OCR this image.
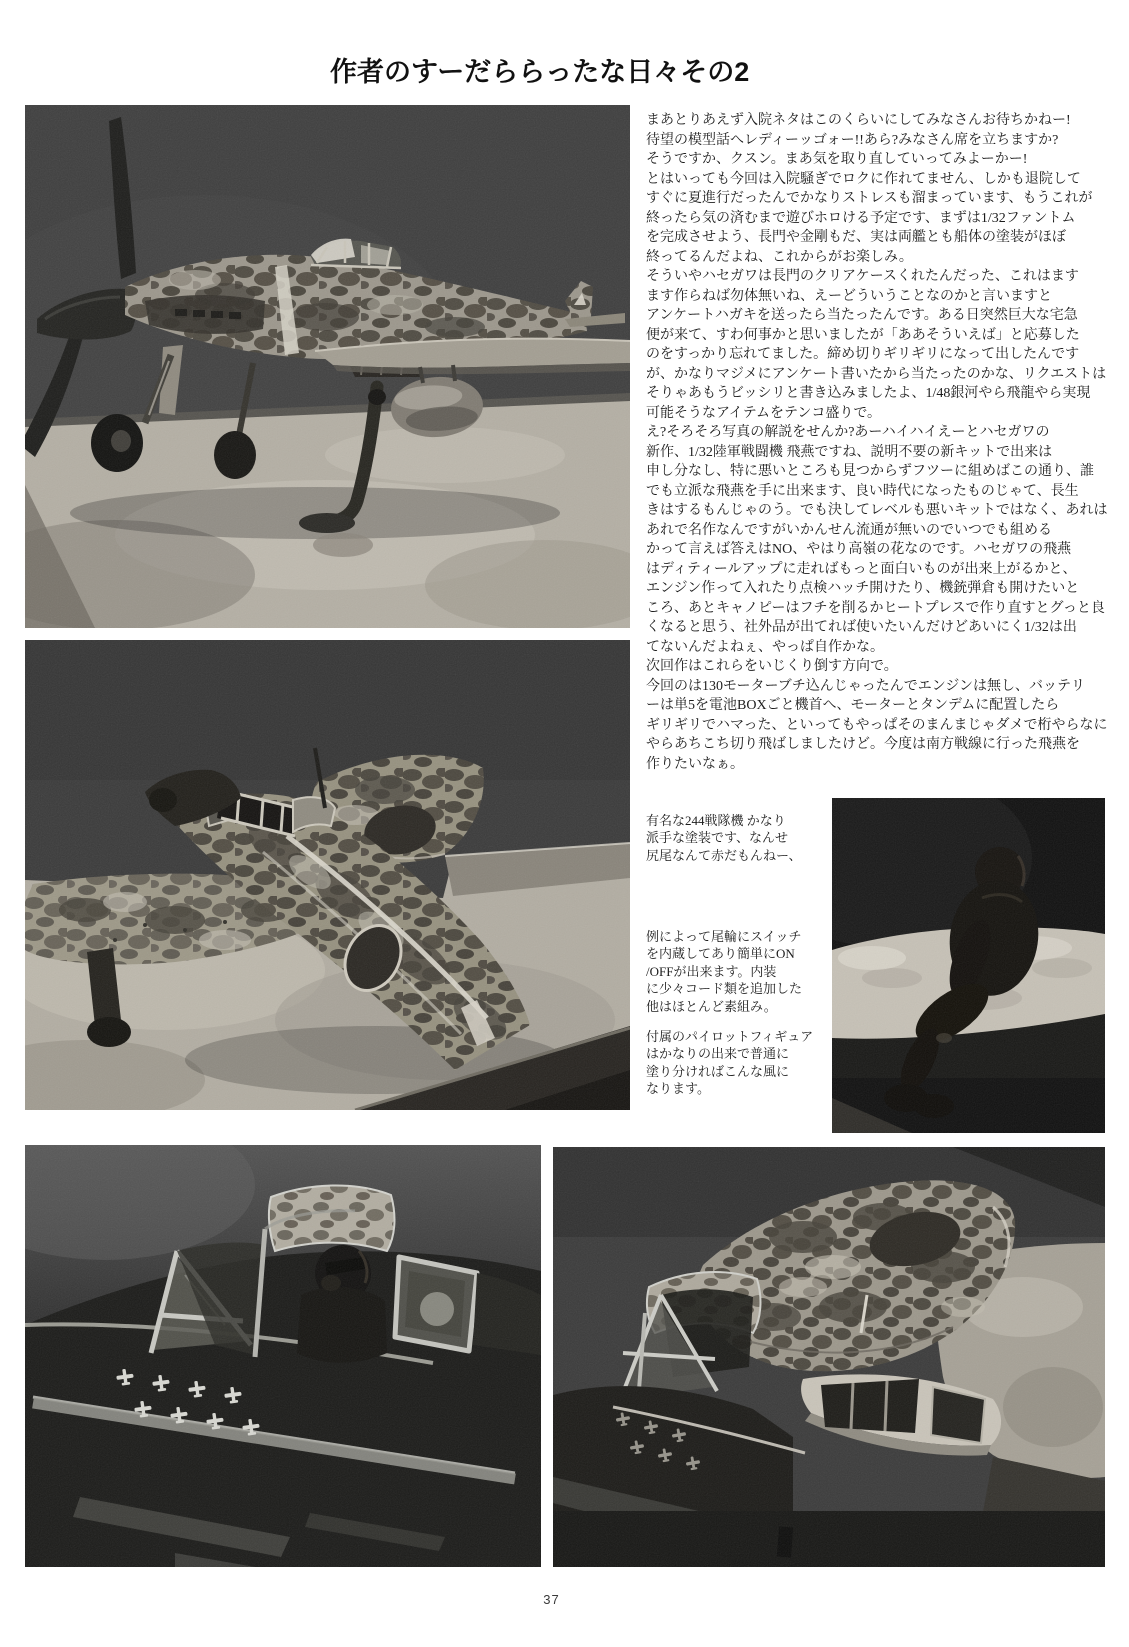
作者のすーだららったな日々その2
まあとりあえず入院ネタはこのくらいにしてみなさんお待ちかねー!
待望の模型話へレディーッゴォー!!あら?みなさん席を立ちますか?
そうですか、クスン。まあ気を取り直していってみよーかー!
とはいっても今回は入院騒ぎでロクに作れてません、しかも退院して
すぐに夏進行だったんでかなりストレスも溜まっています、もうこれが
終ったら気の済むまで遊びホロける予定です、まずは1/32ファントム
を完成させよう、長門や金剛もだ、実は両艦とも船体の塗装がほぼ
終ってるんだよね、これからがお楽しみ。
そういやハセガワは長門のクリアケースくれたんだった、これはます
ます作らねば勿体無いね、えーどういうことなのかと言いますと
アンケートハガキを送ったら当たったんです。ある日突然巨大な宅急
便が来て、すわ何事かと思いましたが「ああそういえば」と応募した
のをすっかり忘れてました。締め切りギリギリになって出したんです
が、かなりマジメにアンケート書いたから当たったのかな、リクエストは
そりゃあもうビッシリと書き込みましたよ、1/48銀河やら飛龍やら実現
可能そうなアイテムをテンコ盛りで。
え?そろそろ写真の解説をせんか?あーハイハイえーとハセガワの
新作、1/32陸軍戦闘機 飛燕ですね、説明不要の新キットで出来は
申し分なし、特に悪いところも見つからずフツーに組めばこの通り、誰
でも立派な飛燕を手に出来ます、良い時代になったものじゃて、長生
きはするもんじゃのう。でも決してレベルも悪いキットではなく、あれは
あれで名作なんですがいかんせん流通が無いのでいつでも組める
かって言えば答えはNO、やはり高嶺の花なのです。ハセガワの飛燕
はディティールアップに走ればもっと面白いものが出来上がるかと、
エンジン作って入れたり点検ハッチ開けたり、機銃弾倉も開けたいと
ころ、あとキャノピーはフチを削るかヒートプレスで作り直すとグっと良
くなると思う、社外品が出てれば使いたいんだけどあいにく1/32は出
てないんだよねぇ、やっぱ自作かな。
次回作はこれらをいじくり倒す方向で。
今回のは130モーターブチ込んじゃったんでエンジンは無し、バッテリ
ーは単5を電池BOXごと機首へ、モーターとタンデムに配置したら
ギリギリでハマった、といってもやっぱそのまんまじゃダメで桁やらなに
やらあちこち切り飛ばしましたけど。今度は南方戦線に行った飛燕を
作りたいなぁ。
有名な244戦隊機 かなり
派手な塗装です、なんせ
尻尾なんて赤だもんねー、
例によって尾輪にスイッチ
を内蔵してあり簡単にON
/OFFが出来ます。内装
に少々コード類を追加した
他はほとんど素組み。
付属のパイロットフィギュア
はかなりの出来で普通に
塗り分ければこんな風に
なります。
37
